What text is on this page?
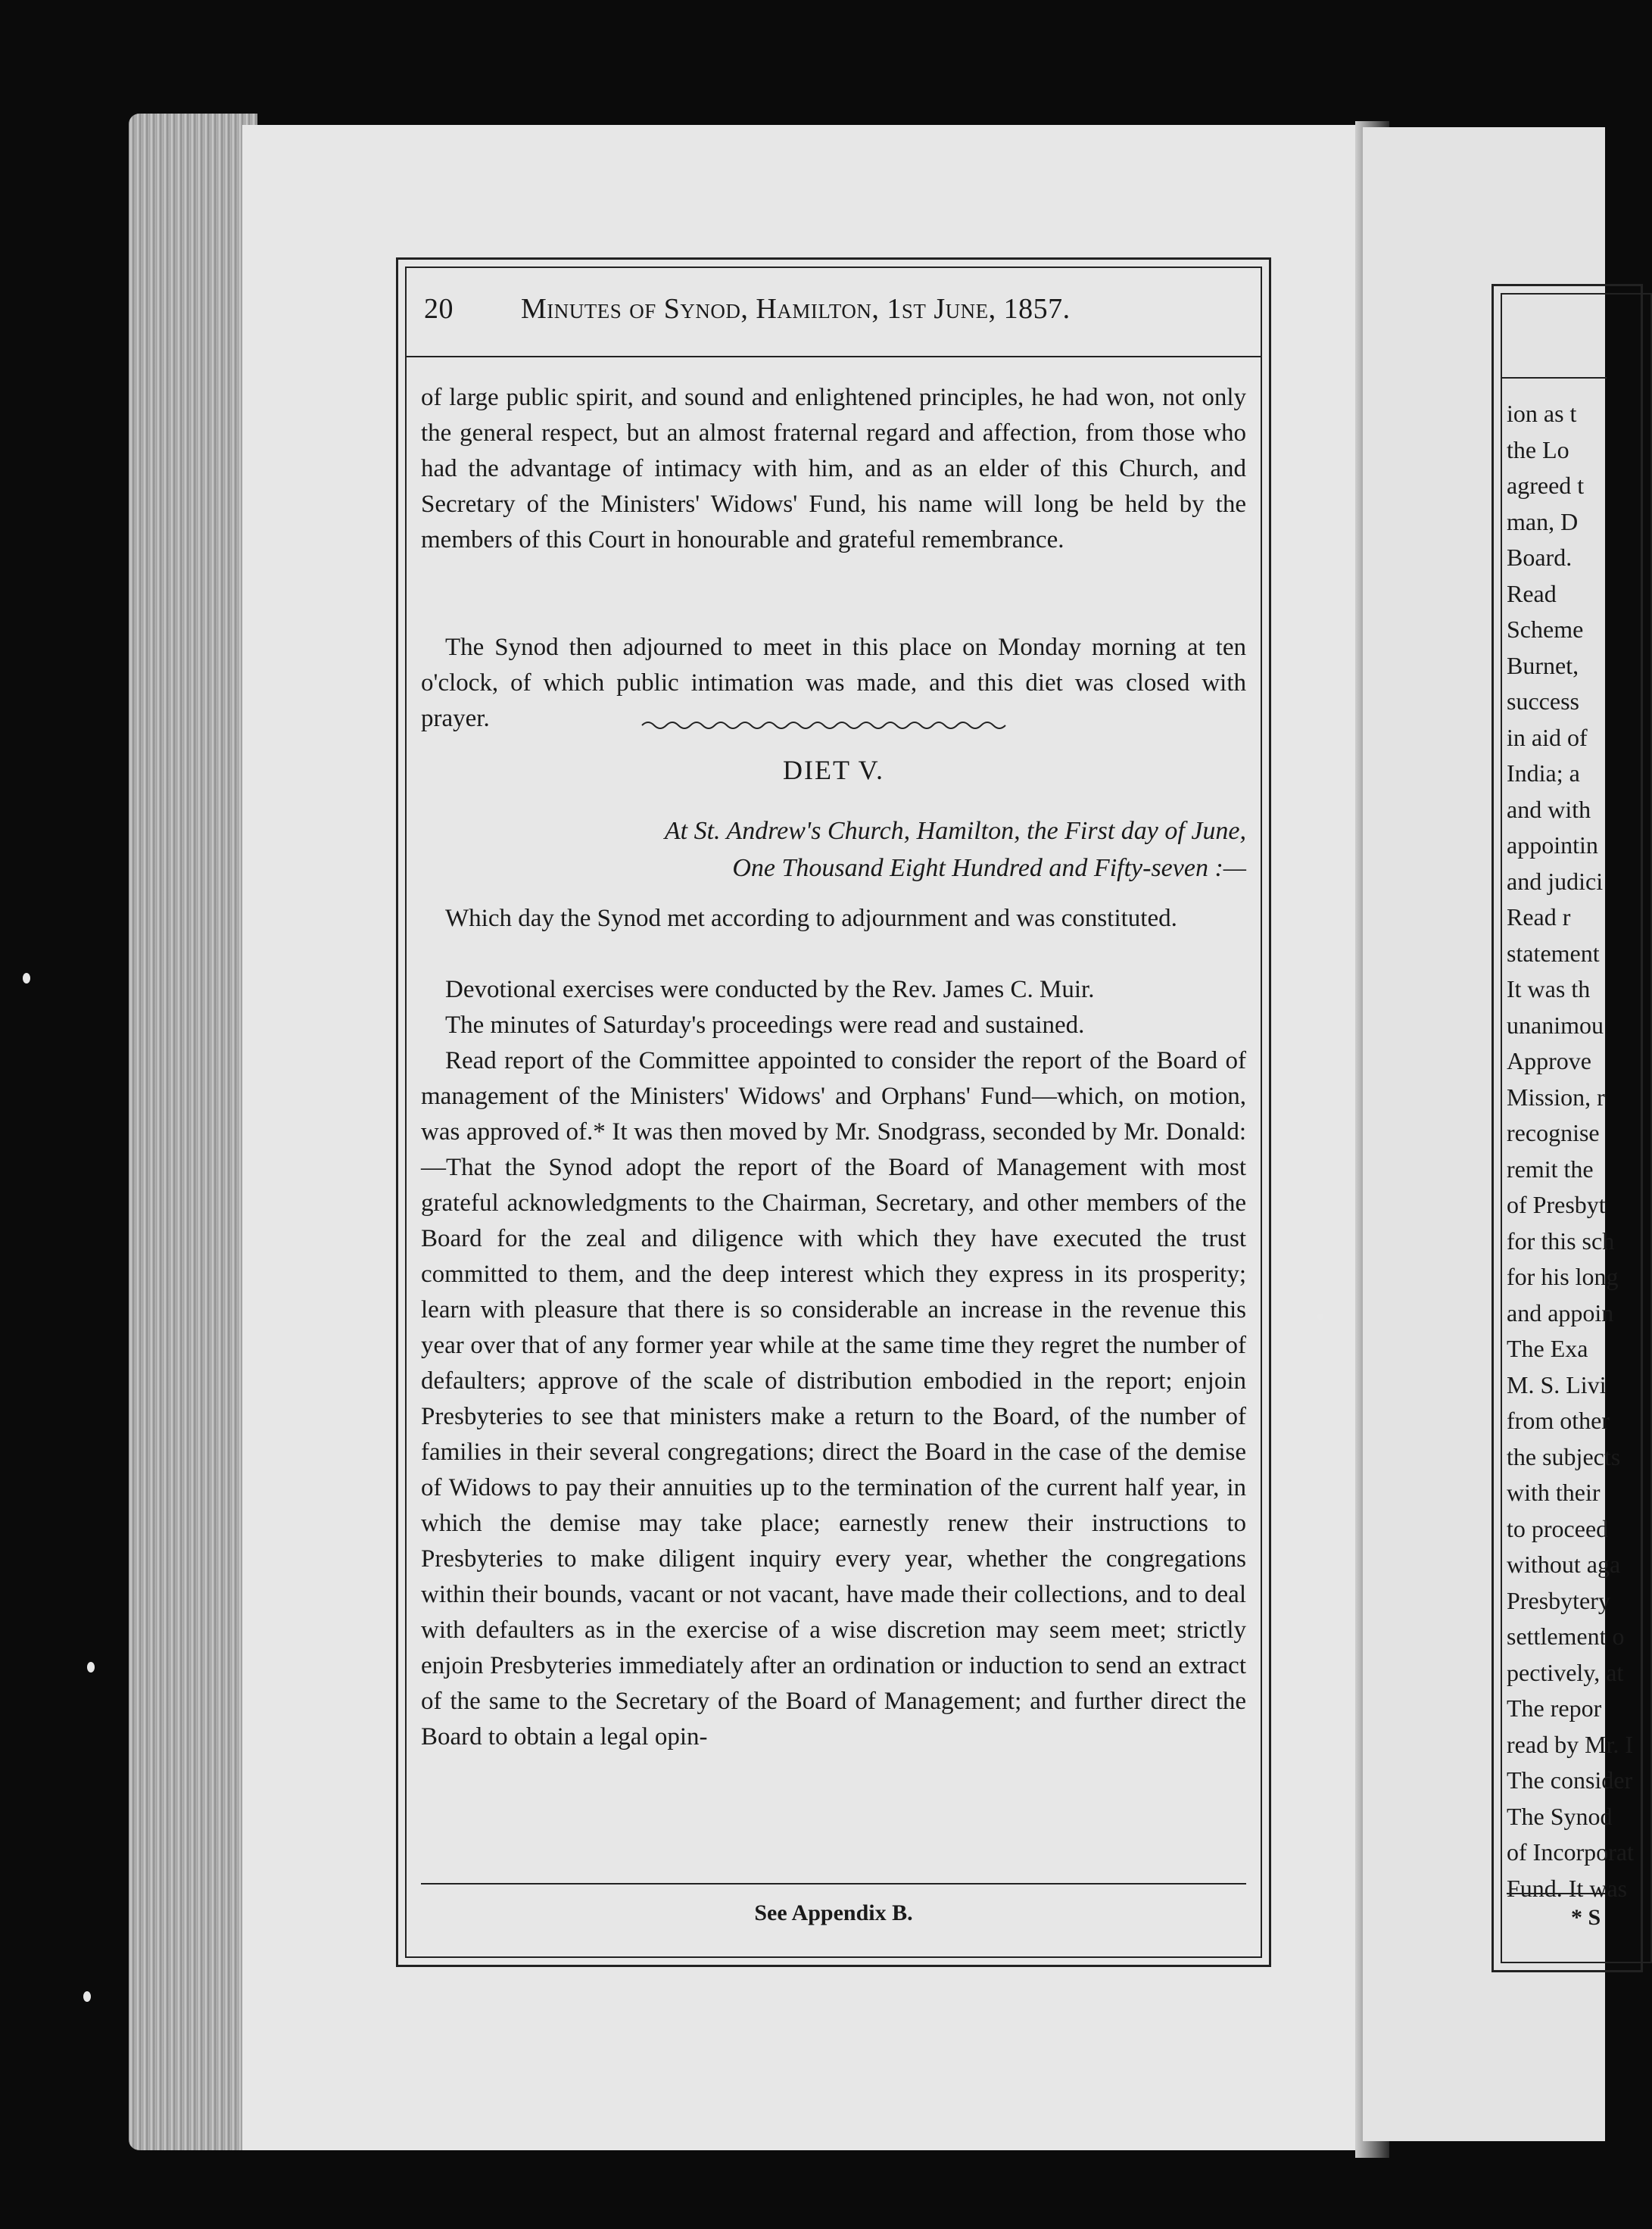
20 Minutes of Synod, Hamilton, 1st June, 1857.

of large public spirit, and sound and enlightened principles, he had won, not only the general respect, but an almost fraternal regard and affection, from those who had the advantage of intimacy with him, and as an elder of this Church, and Secretary of the Ministers' Widows' Fund, his name will long be held by the members of this Court in honourable and grateful remembrance.

The Synod then adjourned to meet in this place on Monday morning at ten o'clock, of which public intimation was made, and this diet was closed with prayer.

DIET V.

At St. Andrew's Church, Hamilton, the First day of June,
One Thousand Eight Hundred and Fifty-seven :—

Which day the Synod met according to adjournment and was constituted.

Devotional exercises were conducted by the Rev. James C. Muir.

The minutes of Saturday's proceedings were read and sustained.

Read report of the Committee appointed to consider the report of the Board of management of the Ministers' Widows' and Orphans' Fund—which, on motion, was approved of.* It was then moved by Mr. Snodgrass, seconded by Mr. Donald:—That the Synod adopt the report of the Board of Management with most grateful acknowledgments to the Chairman, Secretary, and other members of the Board for the zeal and diligence with which they have executed the trust committed to them, and the deep interest which they express in its prosperity; learn with pleasure that there is so considerable an increase in the revenue this year over that of any former year while at the same time they regret the number of defaulters; approve of the scale of distribution embodied in the report; enjoin Presbyteries to see that ministers make a return to the Board, of the number of families in their several congregations; direct the Board in the case of the demise of Widows to pay their annuities up to the termination of the current half year, in which the demise may take place; earnestly renew their instructions to Presbyteries to make diligent inquiry every year, whether the congregations within their bounds, vacant or not vacant, have made their collections, and to deal with defaulters as in the exercise of a wise discretion may seem meet; strictly enjoin Presbyteries immediately after an ordination or induction to send an extract of the same to the Secretary of the Board of Management; and further direct the Board to obtain a legal opin-

See Appendix B.

ion as t
the Lo
agreed t
man, D
Board.
Read
Scheme
Burnet,
success
in aid of
India; a
and with
appointin
and judici
Read r
statement
It was th
unanimou
Approve
Mission, r
recognise
remit the
of Presbyt
for this sch
for his long
and appoin
The Exa
M. S. Livi
from other
the subjects
with their
to proceed
without aga
Presbytery
settlement o
pectively, at
The repor
read by Mr. I
The consider
The Synod
of Incorporat
Fund. It was
* S
